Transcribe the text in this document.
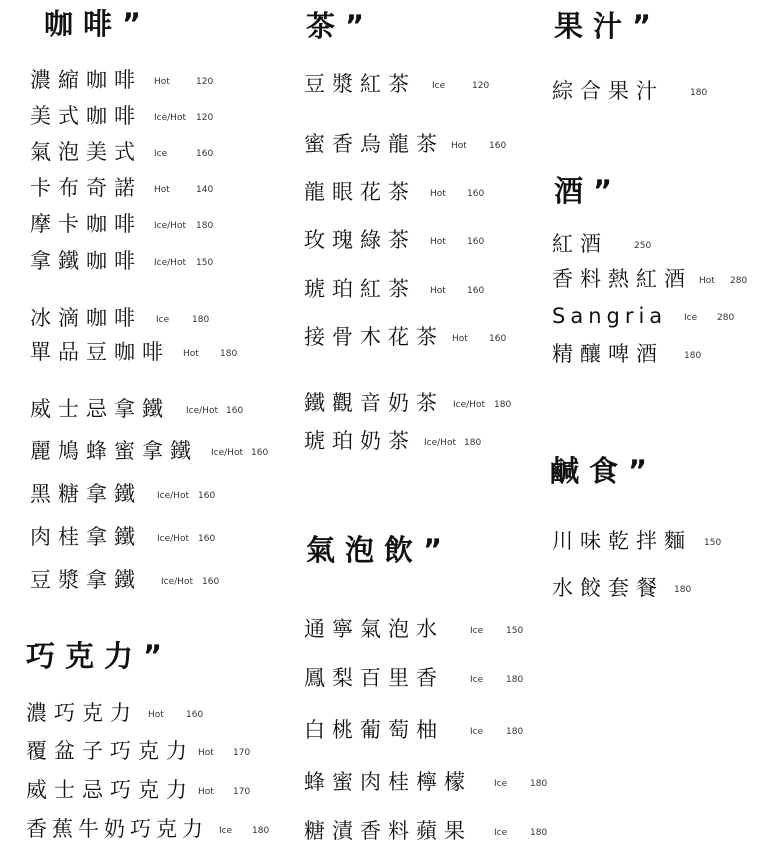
咖啡”
濃縮咖啡 Hot	120
美式咖啡 Ice/Hot 120
氣泡美式 Ice	160
卡布奇諾 Hot	140
摩卡咖啡 Ice/Hot 180
拿鐵咖啡 Ice/Hot 150
冰滴咖啡 Ice	180
單品豆咖啡 Hot 180
威士忌拿鐵 Ice/Hot 160
麗鳩蜂蜜拿鐵 Ice/Hot 160
黑糖拿鐵 Ice/Hot 160
肉桂拿鐵 Ice/Hot 160
豆漿拿鐵 Ice/Hot 160
巧克力”
濃巧克力 Hot 160
覆盆子巧克力 Hot 170
威士忌巧克力 Hot 170
香蕉牛奶巧克力 Ice 180
茶”
豆漿紅茶 Ice	120
蜜香烏龍茶 Hot 160
龍眼花茶 Hot 160
玫瑰綠茶 Hot 160
琥珀紅茶 Hot 160
接骨木花茶 Hot 160
鐵觀音奶茶 Ice/Hot 180
琥珀奶茶 Ice/Hot 180
氣泡飲”
通寧氣泡水	Ice	150
鳳梨百里香	Ice	180
白桃葡萄柚	Ice	180
蜂蜜肉桂檸檬 Ice	180
糖漬香料蘋果 Ice	180
果汁”
綜合果汁	180
酒”
紅酒	250
香料熱紅酒 Hot 280
Sangria Ice 280
精釀啤酒 180
鹹食”
川味乾拌麵 150
水餃套餐 180
